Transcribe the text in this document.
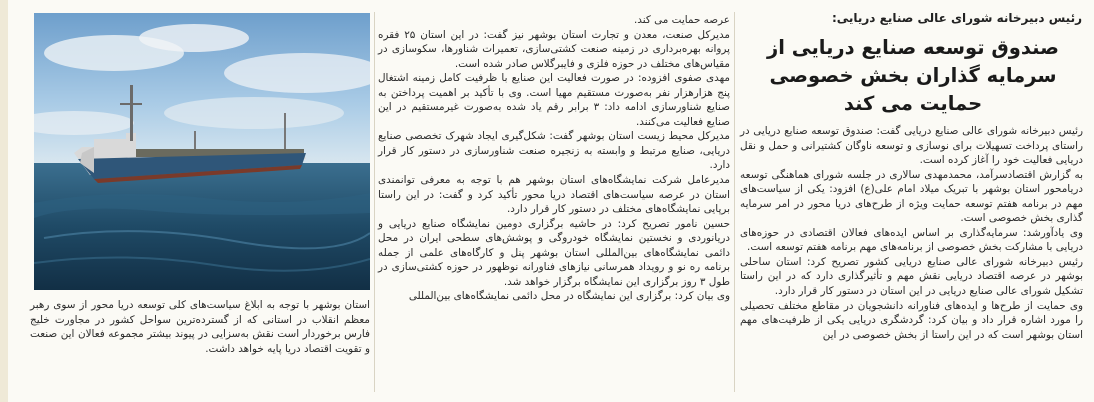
رئیس دبیرخانه شورای عالی صنایع دریایی:
صندوق توسعه صنایع دریایی از سرمایه گذاران بخش خصوصی حمایت می کند

رئیس دبیرخانه شورای عالی صنایع دریایی گفت: صندوق توسعه صنایع دریایی در راستای پرداخت تسهیلات برای نوسازی و توسعه ناوگان کشتیرانی و حمل و نقل دریایی فعالیت خود را آغاز کرده است.

به گزارش اقتصادسرآمد، محمدمهدی سالاری در جلسه شورای هماهنگی توسعه دریامحور استان بوشهر با تبریک میلاد امام علی(ع) افزود: یکی از سیاست‌های مهم در برنامه هفتم توسعه حمایت ویژه از طرح‌های دریا محور در امر سرمایه گذاری بخش خصوصی است.

وی یادآورشد: سرمایه‌گذاری بر اساس ایده‌های فعالان اقتصادی در حوزه‌های دریایی با مشارکت بخش خصوصی از برنامه‌های مهم برنامه هفتم توسعه است.

رئیس دبیرخانه شورای عالی صنایع دریایی کشور تصریح کرد: استان ساحلی بوشهر در عرصه اقتصاد دریایی نقش مهم و تأثیرگذاری دارد که در این راستا تشکیل شورای عالی صنایع دریایی در این استان در دستور کار قرار دارد.

وی حمایت از طرح‌ها و ایده‌های فناورانه دانشجویان در مقاطع مختلف تحصیلی را مورد اشاره قرار داد و بیان کرد: گردشگری دریایی یکی از ظرفیت‌های مهم استان بوشهر است که در این راستا از بخش خصوصی در این

عرصه حمایت می کند.

مدیرکل صنعت، معدن و تجارت استان بوشهر نیز گفت: در این استان ۲۵ فقره پروانه بهره‌برداری در زمینه صنعت کشتی‌سازی، تعمیرات شناورها، سکوسازی در مقیاس‌های مختلف در حوزه فلزی و فایبرگلاس صادر شده است.

مهدی صفوی افزوده: در صورت فعالیت این صنایع با ظرفیت کامل زمینه اشتغال پنج هزارهزار نفر به‌صورت مستقیم مهیا است. وی با تأکید بر اهمیت پرداختن به صنایع شناورسازی ادامه داد: ۳ برابر رقم یاد شده به‌صورت غیرمستقیم در این صنایع فعالیت می‌کنند.

مدیرکل محیط زیست استان بوشهر گفت: شکل‌گیری ایجاد شهرک تخصصی صنایع دریایی، صنایع مرتبط و وابسته به زنجیره صنعت شناورسازی در دستور کار قرار دارد.

مدیرعامل شرکت نمایشگاه‌های استان بوشهر هم با توجه به معرفی توانمندی استان در عرصه سیاست‌های اقتصاد دریا محور تأکید کرد و گفت: در این راستا برپایی نمایشگاه‌های مختلف در دستور کار قرار دارد.

حسین نامور تصریح کرد: در حاشیه برگزاری دومین نمایشگاه صنایع دریایی و دریانوردی و نخستین نمایشگاه خودروگی و پوشش‌های سطحی ایران در محل دائمی نمایشگاه‌های بین‌المللی استان بوشهر پنل و کارگاه‌های علمی از جمله برنامه ره نو و رویداد همرسانی نیازهای فناورانه نوظهور در حوزه کشتی‌سازی در طول ۳ روز برگزاری این نمایشگاه برگزار خواهد شد.

وی بیان کرد: برگزاری این نمایشگاه در محل دائمی نمایشگاه‌های بین‌المللی

استان بوشهر با توجه به ابلاغ سیاست‌های کلی توسعه دریا محور از سوی رهبر معظم انقلاب در استانی که از گسترده‌ترین سواحل کشور در مجاورت خلیج فارس برخوردار است نقش به‌سزایی در پیوند بیشتر مجموعه فعالان این صنعت و تقویت اقتصاد دریا پایه خواهد داشت.
